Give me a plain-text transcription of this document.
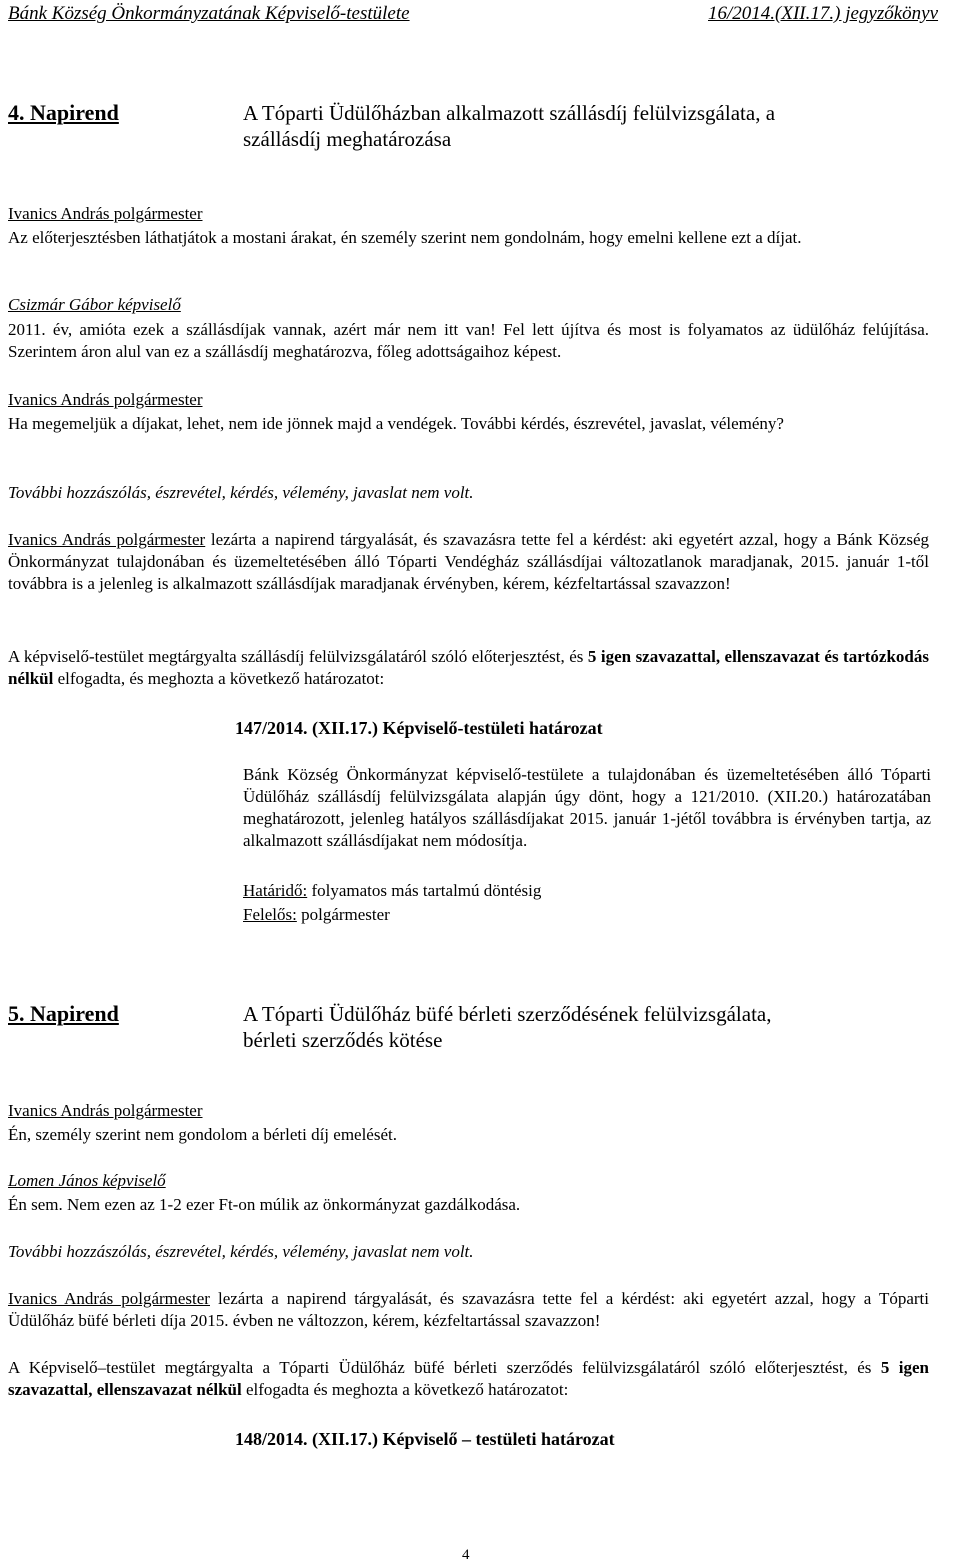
Bánk Község Önkormányzatának Képviselő-testülete	16/2014.(XII.17.) jegyzőkönyv
4. Napirend	A Tóparti Üdülőházban alkalmazott szállásdíj felülvizsgálata, a
szállásdíj meghatározása
Ivanics András polgármester
Az előterjesztésben láthatjátok a mostani árakat, én személy szerint nem gondolnám, hogy emelni kellene ezt a díjat.
Csizmár Gábor képviselő
2011. év, amióta ezek a szállásdíjak vannak, azért már nem itt van! Fel lett újítva és most is folyamatos az üdülőház felújítása. Szerintem áron alul van ez a szállásdíj meghatározva, főleg adottságaihoz képest.
Ivanics András polgármester
Ha megemeljük a díjakat, lehet, nem ide jönnek majd a vendégek. További kérdés, észrevétel, javaslat, vélemény?
További hozzászólás, észrevétel, kérdés, vélemény, javaslat nem volt.
Ivanics András polgármester lezárta a napirend tárgyalását, és szavazásra tette fel a kérdést: aki egyetért azzal, hogy a Bánk Község Önkormányzat tulajdonában és üzemeltetésében álló Tóparti Vendégház szállásdíjai változatlanok maradjanak, 2015. január 1-től továbbra is a jelenleg is alkalmazott szállásdíjak maradjanak érvényben, kérem, kézfeltartással szavazzon!
A képviselő-testület megtárgyalta szállásdíj felülvizsgálatáról szóló előterjesztést, és 5 igen szavazattal, ellenszavazat és tartózkodás nélkül elfogadta, és meghozta a következő határozatot:
147/2014. (XII.17.) Képviselő-testületi határozat
Bánk Község Önkormányzat képviselő-testülete a tulajdonában és üzemeltetésében álló Tóparti Üdülőház szállásdíj felülvizsgálata alapján úgy dönt, hogy a 121/2010. (XII.20.) határozatában meghatározott, jelenleg hatályos szállásdíjakat 2015. január 1-jétől továbbra is érvényben tartja, az alkalmazott szállásdíjakat nem módosítja.
Határidő: folyamatos más tartalmú döntésig
Felelős: polgármester
5. Napirend	A Tóparti Üdülőház büfé bérleti szerződésének felülvizsgálata,
bérleti szerződés kötése
Ivanics András polgármester
Én, személy szerint nem gondolom a bérleti díj emelését.
Lomen János képviselő
Én sem. Nem ezen az 1-2 ezer Ft-on múlik az önkormányzat gazdálkodása.
További hozzászólás, észrevétel, kérdés, vélemény, javaslat nem volt.
Ivanics András polgármester lezárta a napirend tárgyalását, és szavazásra tette fel a kérdést: aki egyetért azzal, hogy a Tóparti Üdülőház büfé bérleti díja 2015. évben ne változzon, kérem, kézfeltartással szavazzon!
A Képviselő–testület megtárgyalta a Tóparti Üdülőház büfé bérleti szerződés felülvizsgálatáról szóló előterjesztést, és 5 igen szavazattal, ellenszavazat nélkül elfogadta és meghozta a következő határozatot:
148/2014. (XII.17.) Képviselő – testületi határozat
4
